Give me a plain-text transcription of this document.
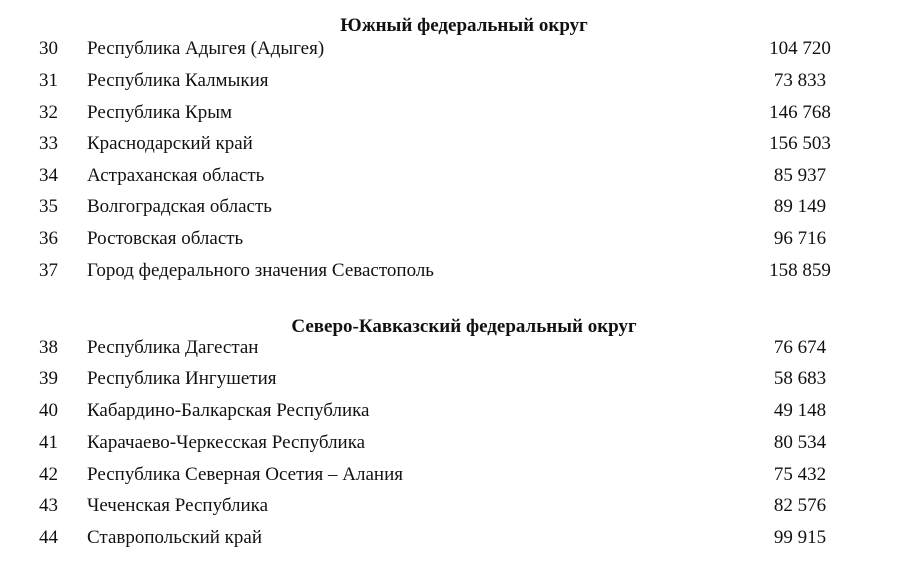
Южный федеральный округ
30	Республика Адыгея (Адыгея)	104 720
31	Республика Калмыкия	73 833
32	Республика Крым	146 768
33	Краснодарский край	156 503
34	Астраханская область	85 937
35	Волгоградская область	89 149
36	Ростовская область	96 716
37	Город федерального значения Севастополь	158 859
Северо-Кавказский федеральный округ
38	Республика Дагестан	76 674
39	Республика Ингушетия	58 683
40	Кабардино-Балкарская Республика	49 148
41	Карачаево-Черкесская Республика	80 534
42	Республика Северная Осетия – Алания	75 432
43	Чеченская Республика	82 576
44	Ставропольский край	99 915
